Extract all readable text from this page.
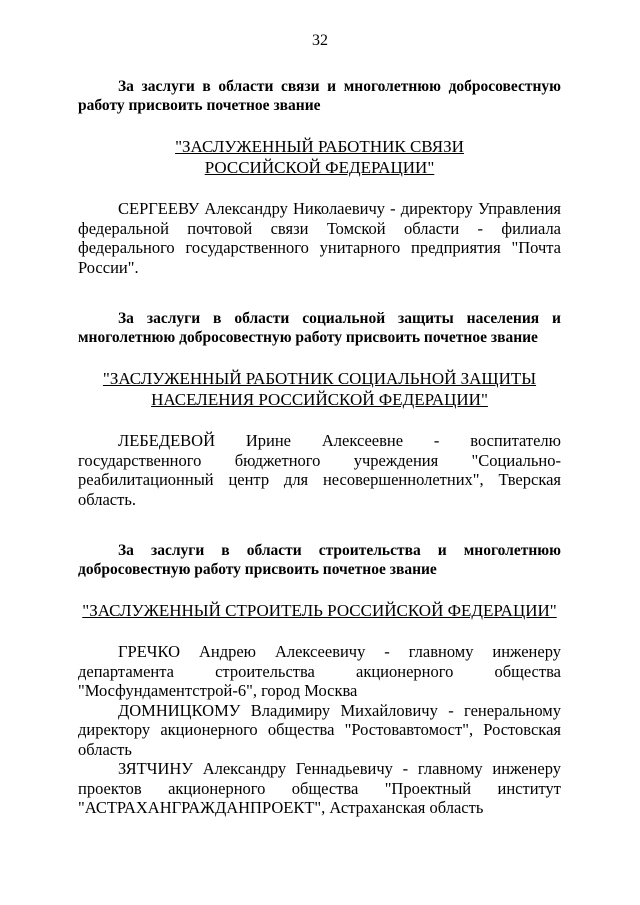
32

За заслуги в области связи и многолетнюю добросовестную работу присвоить почетное звание

"ЗАСЛУЖЕННЫЙ РАБОТНИК СВЯЗИ
РОССИЙСКОЙ ФЕДЕРАЦИИ"

СЕРГЕЕВУ Александру Николаевичу - директору Управления федеральной почтовой связи Томской области - филиала федерального государственного унитарного предприятия "Почта России".

За заслуги в области социальной защиты населения и многолетнюю добросовестную работу присвоить почетное звание

"ЗАСЛУЖЕННЫЙ РАБОТНИК СОЦИАЛЬНОЙ ЗАЩИТЫ
НАСЕЛЕНИЯ РОССИЙСКОЙ ФЕДЕРАЦИИ"

ЛЕБЕДЕВОЙ Ирине Алексеевне - воспитателю государственного бюджетного учреждения "Социально-реабилитационный центр для несовершеннолетних", Тверская область.

За заслуги в области строительства и многолетнюю добросовестную работу присвоить почетное звание

"ЗАСЛУЖЕННЫЙ СТРОИТЕЛЬ РОССИЙСКОЙ ФЕДЕРАЦИИ"

ГРЕЧКО Андрею Алексеевичу - главному инженеру департамента строительства акционерного общества "Мосфундаментстрой-6", город Москва

ДОМНИЦКОМУ Владимиру Михайловичу - генеральному директору акционерного общества "Ростовавтомост", Ростовская область

ЗЯТЧИНУ Александру Геннадьевичу - главному инженеру проектов акционерного общества "Проектный институт "АСТРАХАНГРАЖДАНПРОЕКТ", Астраханская область
